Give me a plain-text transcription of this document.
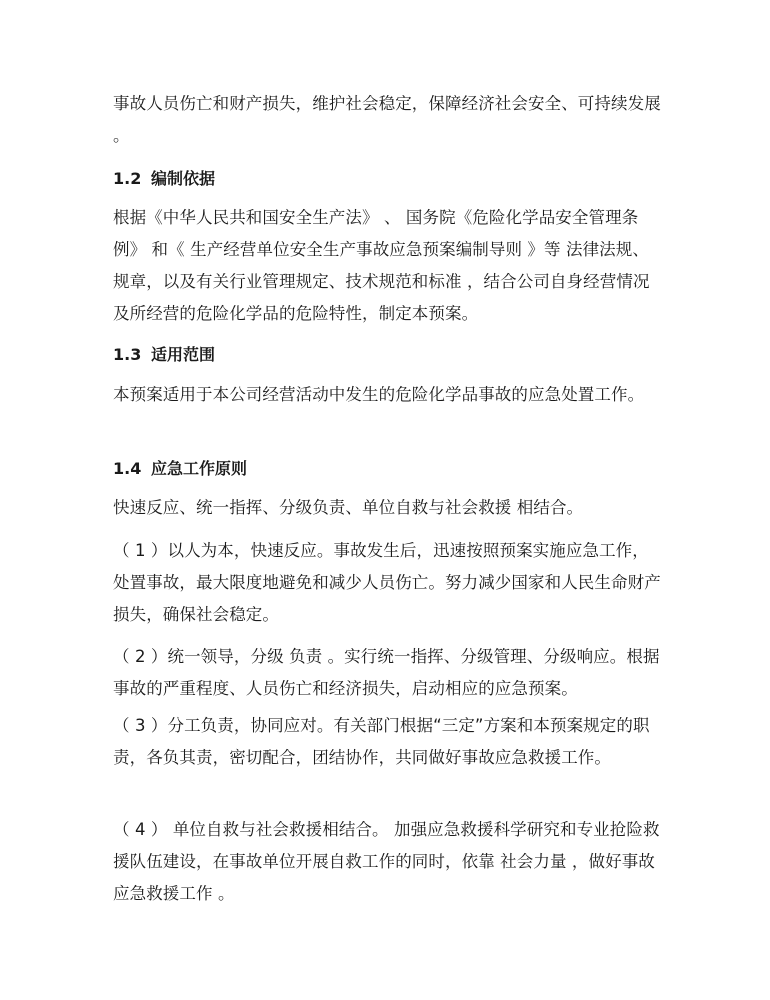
事故人员伤亡和财产损失，维护社会稳定，保障经济社会安全、可持续发展 。

1.2 编制依据

根据《中华人民共和国安全生产法》 、 国务院《危险化学品安全管理条例》 和《 生产经营单位安全生产事故应急预案编制导则 》等 法律法规、规章，以及有关行业管理规定、技术规范和标准 ，结合公司自身经营情况及所经营的危险化学品的危险特性，制定本预案。

1.3 适用范围

本预案适用于本公司经营活动中发生的危险化学品事故的应急处置工作。

1.4 应急工作原则

快速反应、统一指挥、分级负责、单位自救与社会救援 相结合。

（ 1 ）以人为本，快速反应。事故发生后，迅速按照预案实施应急工作，处置事故，最大限度地避免和减少人员伤亡。努力减少国家和人民生命财产损失，确保社会稳定。

（ 2 ）统一领导，分级 负责 。实行统一指挥、分级管理、分级响应。根据事故的严重程度、人员伤亡和经济损失，启动相应的应急预案。

（ 3 ）分工负责，协同应对。有关部门根据“三定”方案和本预案规定的职责，各负其责，密切配合，团结协作，共同做好事故应急救援工作。

（ 4 ） 单位自救与社会救援相结合。 加强应急救援科学研究和专业抢险救援队伍建设，在事故单位开展自救工作的同时，依靠 社会力量 ，做好事故应急救援工作 。
